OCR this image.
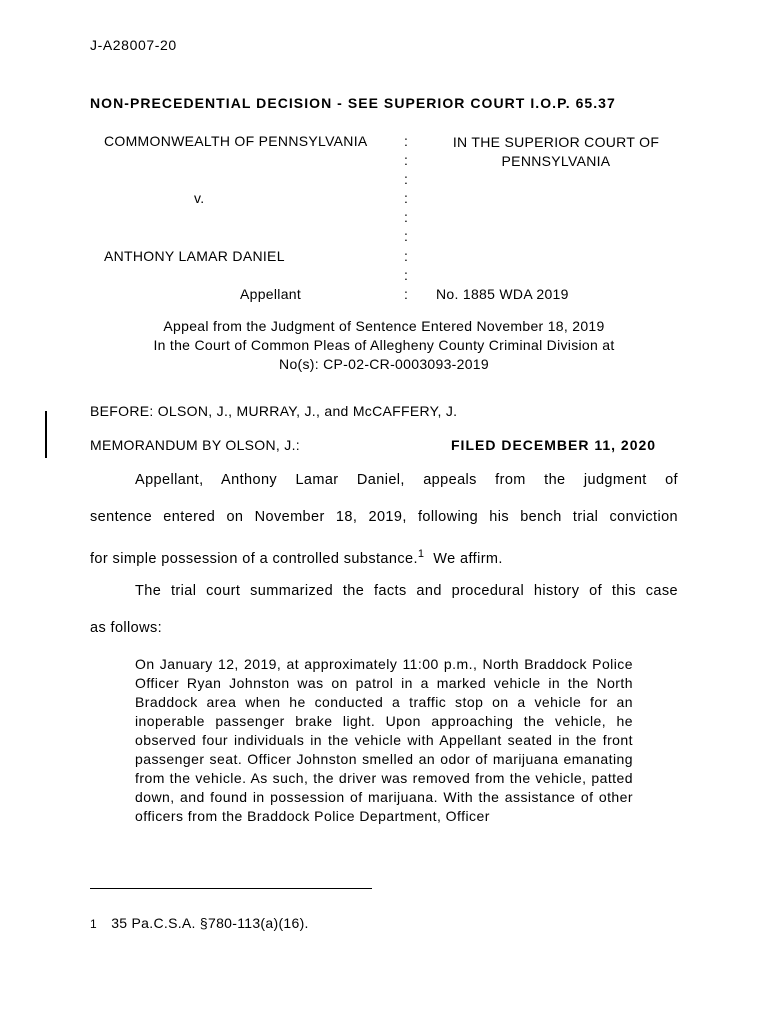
J-A28007-20
NON-PRECEDENTIAL DECISION - SEE SUPERIOR COURT I.O.P. 65.37
COMMONWEALTH OF PENNSYLVANIA
v.
ANTHONY LAMAR DANIEL
Appellant
:
:
:
:
:
:
:
:
:
IN THE SUPERIOR COURT OF
PENNSYLVANIA
No. 1885 WDA 2019
Appeal from the Judgment of Sentence Entered November 18, 2019
In the Court of Common Pleas of Allegheny County Criminal Division at
No(s): CP-02-CR-0003093-2019
BEFORE: OLSON, J., MURRAY, J., and McCAFFERY, J.
MEMORANDUM BY OLSON, J.:	FILED DECEMBER 11, 2020
Appellant, Anthony Lamar Daniel, appeals from the judgment of
sentence entered on November 18, 2019, following his bench trial conviction
for simple possession of a controlled substance.$^1$  We affirm.
The trial court summarized the facts and procedural history of this case
as follows:
On January 12, 2019, at approximately 11:00 p.m., North Braddock Police Officer Ryan Johnston was on patrol in a marked vehicle in the North Braddock area when he conducted a traffic stop on a vehicle for an inoperable passenger brake light. Upon approaching the vehicle, he observed four individuals in the vehicle with Appellant seated in the front passenger seat. Officer Johnston smelled an odor of marijuana emanating from the vehicle. As such, the driver was removed from the vehicle, patted down, and found in possession of marijuana. With the assistance of other officers from the Braddock Police Department, Officer
1 35 Pa.C.S.A. §780-113(a)(16).
